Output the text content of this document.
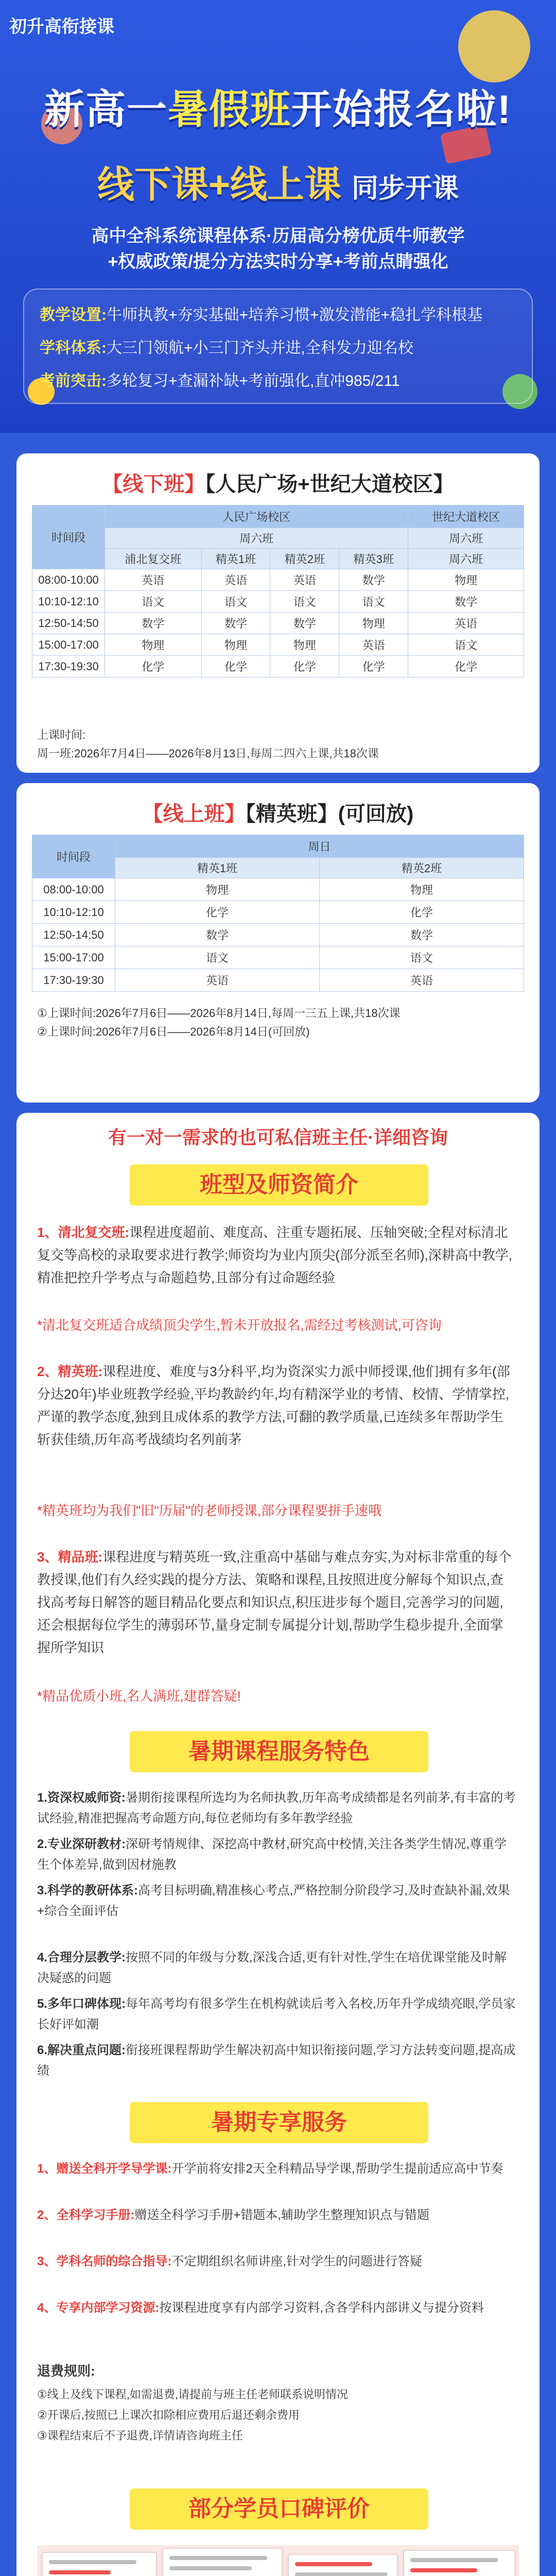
初升高衔接课
新高一暑假班开始报名啦!
线下课+线上课 同步开课
高中全科系统课程体系·历届高分榜优质牛师教学
+权威政策/提分方法实时分享+考前点睛强化
教学设置:牛师执教+夯实基础+培养习惯+激发潜能+稳扎学科根基
学科体系:大三门领航+小三门齐头并进,全科发力迎名校
考前突击:多轮复习+查漏补缺+考前强化,直冲985/211
【线下班】【人民广场+世纪大道校区】
时间段	人民广场校区				世纪大道校区
	周六班				周六班
	浦北复交班	精英1班	精英2班	精英3班	周六班
08:00-10:00	英语	英语	英语	数学	物理
10:10-12:10	语文	语文	语文	语文	数学
12:50-14:50	数学	数学	数学	物理	英语
15:00-17:00	物理	物理	物理	英语	语文
17:30-19:30	化学	化学	化学	化学	化学
上课时间:
周一班:2026年7月4日——2026年8月13日,每周二四六上课,共18次课
【线上班】【精英班】(可回放)
时间段	周日	
	精英1班	精英2班
08:00-10:00	物理	物理
10:10-12:10	化学	化学
12:50-14:50	数学	数学
15:00-17:00	语文	语文
17:30-19:30	英语	英语
①上课时间:2026年7月6日——2026年8月14日,每周一三五上课,共18次课
②上课时间:2026年7月6日——2026年8月14日(可回放)
有一对一需求的也可私信班主任·详细咨询
班型及师资简介
1、清北复交班:课程进度超前、难度高、注重专题拓展、压轴突破;全程对标清北复交等高校的录取要求进行教学;师资均为业内顶尖(部分派至名师),深耕高中教学,精准把控升学考点与命题趋势,且部分有过命题经验
*清北复交班适合成绩顶尖学生,暂未开放报名,需经过考核测试,可咨询
2、精英班:课程进度、难度与3分科平,均为资深实力派中师授课,他们拥有多年(部分达20年)毕业班教学经验,平均教龄约年,均有精深学业的考情、校情、学情掌控,严谨的教学态度,独到且成体系的教学方法,可翻的教学质量,已连续多年帮助学生斩获佳绩,历年高考战绩均名列前茅
*精英班均为我们"旧"历届"的老师授课,部分课程要拼手速哦
3、精品班:课程进度与精英班一致,注重高中基础与难点夯实,为对标非常重的每个教授课,他们有久经实践的提分方法、策略和课程,且按照进度分解每个知识点,查找高考每日解答的题目精品化要点和知识点,积压进步每个题目,完善学习的问题,还会根据每位学生的薄弱环节,量身定制专属提分计划,帮助学生稳步提升,全面掌握所学知识
*精品优质小班,名人满班,建群答疑!
暑期课程服务特色
1.资深权威师资:暑期衔接课程所选均为名师执教,历年高考成绩都是名列前茅,有丰富的考试经验,精准把握高考命题方向,每位老师均有多年教学经验
2.专业深研教材:深研考情规律、深挖高中教材,研究高中校情,关注各类学生情况,尊重学生个体差异,做到因材施教
3.科学的教研体系:高考目标明确,精准核心考点,严格控制分阶段学习,及时查缺补漏,效果+综合全面评估
4.合理分层教学:按照不同的年级与分数,深浅合适,更有针对性,学生在培优课堂能及时解决疑惑的问题
5.多年口碑体现:每年高考均有很多学生在机构就读后考入名校,历年升学成绩亮眼,学员家长好评如潮
6.解决重点问题:衔接班课程帮助学生解决初高中知识衔接问题,学习方法转变问题,提高成绩
暑期专享服务
1、赠送全科开学导学课:开学前将安排2天全科精品导学课,帮助学生提前适应高中节奏
2、全科学习手册:赠送全科学习手册+错题本,辅助学生整理知识点与错题
3、学科名师的综合指导:不定期组织名师讲座,针对学生的问题进行答疑
4、专享内部学习资源:按课程进度享有内部学习资料,含各学科内部讲义与提分资料
退费规则:
①线上及线下课程,如需退费,请提前与班主任老师联系说明情况
②开课后,按照已上课次扣除相应费用后退还剩余费用
③课程结束后不予退费,详情请咨询班主任
部分学员口碑评价
